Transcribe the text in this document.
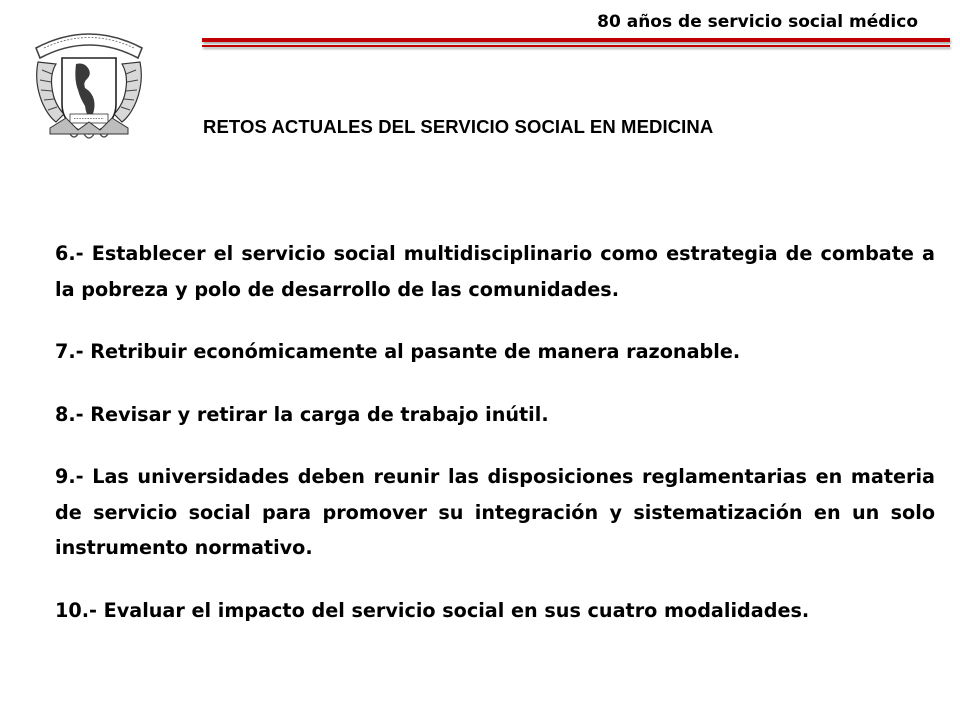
80 años de servicio social médico
RETOS ACTUALES DEL SERVICIO SOCIAL EN MEDICINA

6.- Establecer el servicio social multidisciplinario como estrategia de combate a la pobreza y polo de desarrollo de las comunidades.

7.- Retribuir económicamente al pasante de manera razonable.

8.- Revisar y retirar la carga de trabajo inútil.

9.- Las universidades deben reunir las disposiciones reglamentarias en materia de servicio social para promover su integración y sistematización en un solo instrumento normativo.

10.- Evaluar el impacto del servicio social en sus cuatro modalidades.
